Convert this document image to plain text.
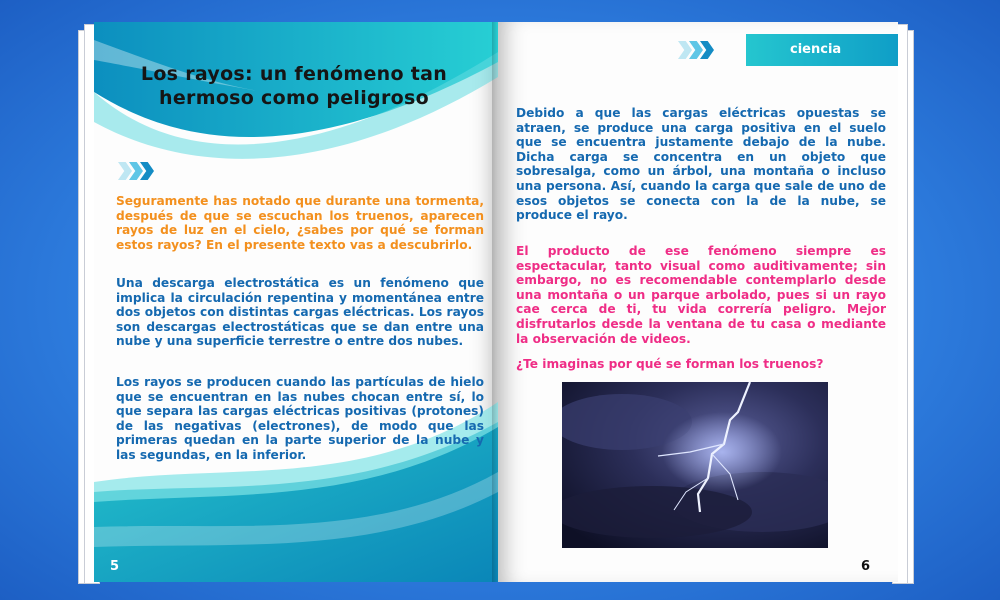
Los rayos: un fenómeno tan hermoso como peligroso

Seguramente has notado que durante una tormenta, después de que se escuchan los truenos, aparecen rayos de luz en el cielo, ¿sabes por qué se forman estos rayos? En el presente texto vas a descubrirlo.

Una descarga electrostática es un fenómeno que implica la circulación repentina y momentánea entre dos objetos con distintas cargas eléctricas. Los rayos son descargas electrostáticas que se dan entre una nube y una superficie terrestre o entre dos nubes.

Los rayos se producen cuando las partículas de hielo que se encuentran en las nubes chocan entre sí, lo que separa las cargas eléctricas positivas (protones) de las negativas (electrones), de modo que las primeras quedan en la parte superior de la nube y las segundas, en la inferior.

5
ciencia

Debido a que las cargas eléctricas opuestas se atraen, se produce una carga positiva en el suelo que se encuentra justamente debajo de la nube. Dicha carga se concentra en un objeto que sobresalga, como un árbol, una montaña o incluso una persona. Así, cuando la carga que sale de uno de esos objetos se conecta con la de la nube, se produce el rayo.

El producto de ese fenómeno siempre es espectacular, tanto visual como auditivamente; sin embargo, no es recomendable contemplarlo desde una montaña o un parque arbolado, pues si un rayo cae cerca de ti, tu vida correría peligro. Mejor disfrutarlos desde la ventana de tu casa o mediante la observación de videos.

¿Te imaginas por qué se forman los truenos?

6
